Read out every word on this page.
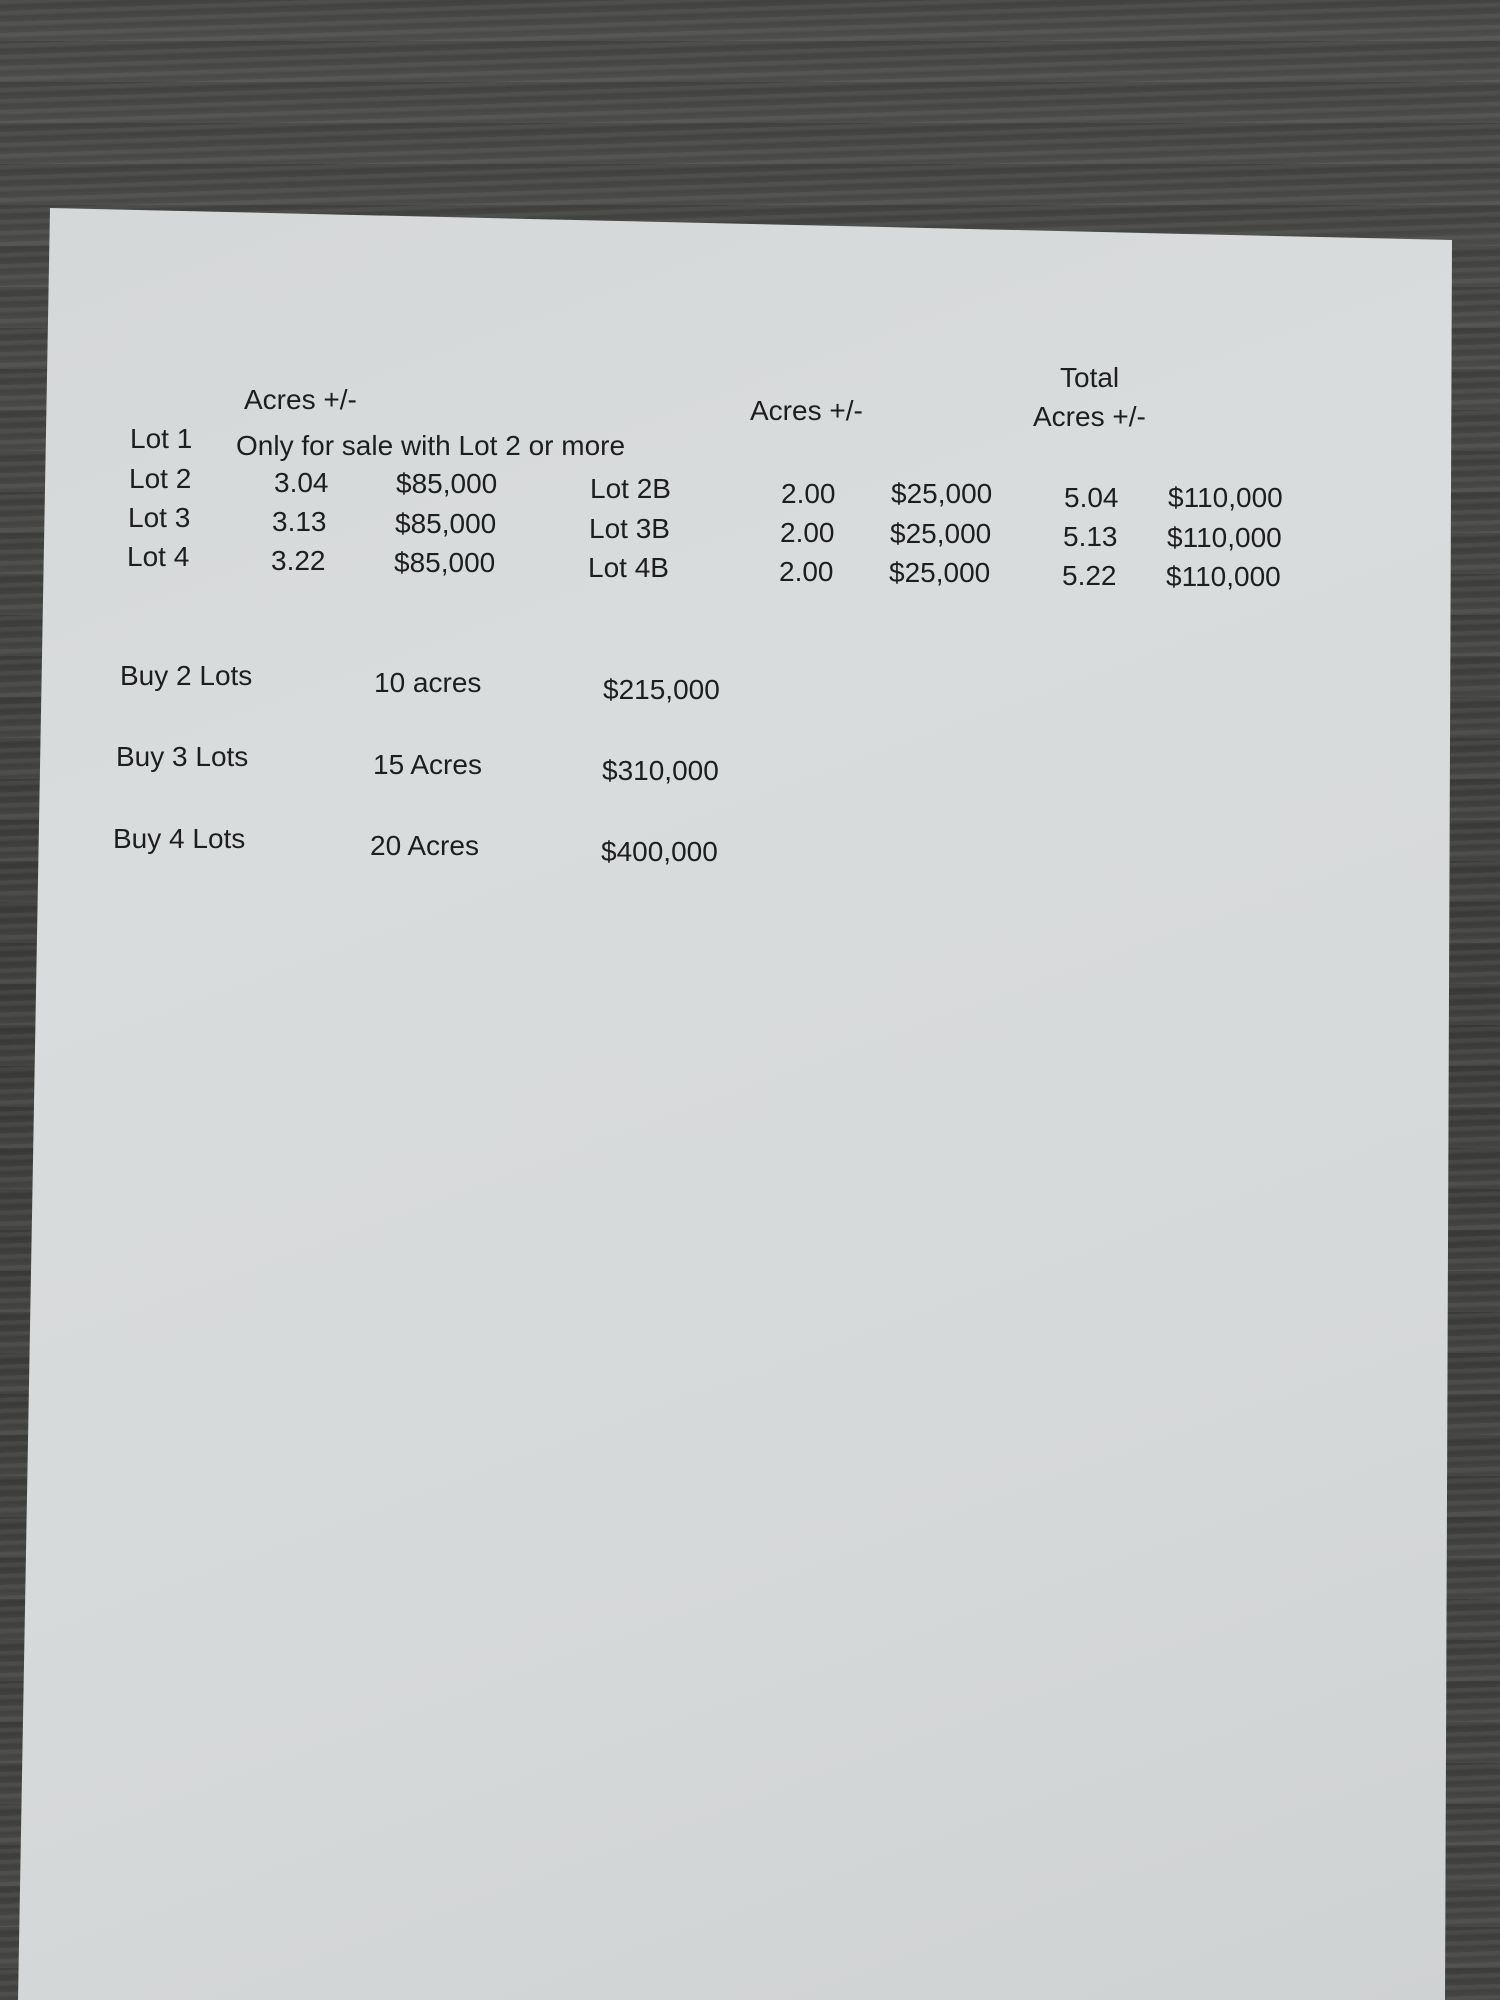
Acres +/-	Acres +/-
Total
Acres +/-
Lot 1 Only for sale with Lot 2 or more
Lot 2	3.04 $85,000	Lot 2B	2.00 $25,000	5.04 $110,000
Lot 3	3.13 $85,000	Lot 3B	2.00 $25,000	5.13 $110,000
Lot 4	3.22 $85,000	Lot 4B	2.00 $25,000	5.22 $110,000
Buy 2 Lots	10 acres	$215,000
Buy 3 Lots	15 Acres	$310,000
Buy 4 Lots	20 Acres	$400,000
